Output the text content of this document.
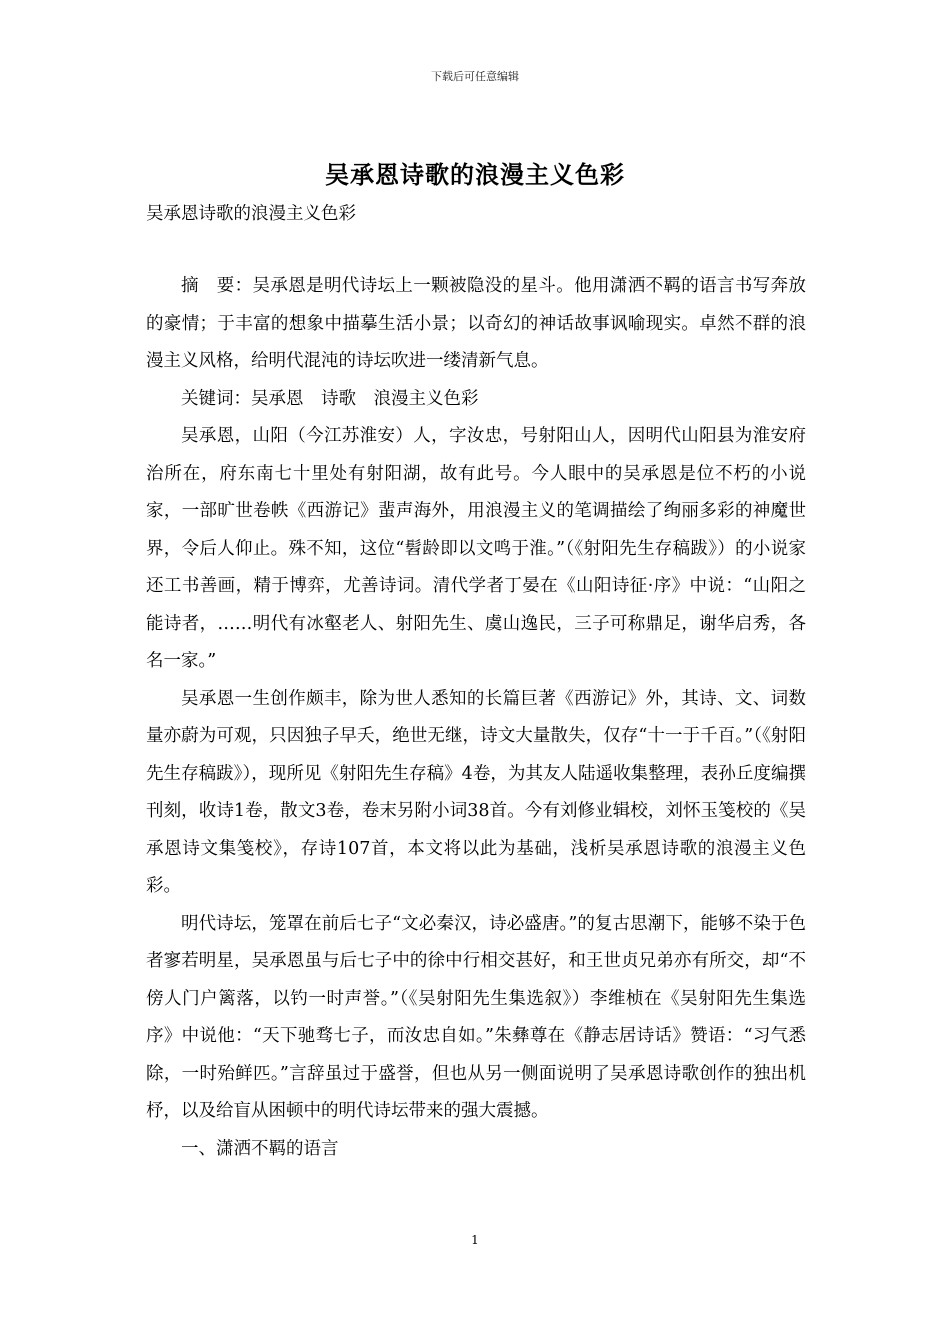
下载后可任意编辑
吴承恩诗歌的浪漫主义色彩
吴承恩诗歌的浪漫主义色彩

摘　要：吴承恩是明代诗坛上一颗被隐没的星斗。他用潇洒不羁的语言书写奔放的豪情；于丰富的想象中描摹生活小景；以奇幻的神话故事讽喻现实。卓然不群的浪漫主义风格，给明代混沌的诗坛吹进一缕清新气息。

关键词：吴承恩　诗歌　浪漫主义色彩

吴承恩，山阳（今江苏淮安）人，字汝忠，号射阳山人，因明代山阳县为淮安府治所在，府东南七十里处有射阳湖，故有此号。今人眼中的吴承恩是位不朽的小说家，一部旷世卷帙《西游记》蜚声海外，用浪漫主义的笔调描绘了绚丽多彩的神魔世界，令后人仰止。殊不知，这位“髫龄即以文鸣于淮。”（《射阳先生存稿跋》）的小说家还工书善画，精于博弈，尤善诗词。清代学者丁晏在《山阳诗征·序》中说：“山阳之能诗者，……明代有冰壑老人、射阳先生、虞山逸民，三子可称鼎足，谢华启秀，各名一家。”

吴承恩一生创作颇丰，除为世人悉知的长篇巨著《西游记》外，其诗、文、词数量亦蔚为可观，只因独子早夭，绝世无继，诗文大量散失，仅存“十一于千百。”（《射阳先生存稿跋》），现所见《射阳先生存稿》4卷，为其友人陆遥收集整理，表孙丘度编撰刊刻，收诗1卷，散文3卷，卷末另附小词38首。今有刘修业辑校，刘怀玉笺校的《吴承恩诗文集笺校》，存诗107首，本文将以此为基础，浅析吴承恩诗歌的浪漫主义色彩。

明代诗坛，笼罩在前后七子“文必秦汉，诗必盛唐。”的复古思潮下，能够不染于色者寥若明星，吴承恩虽与后七子中的徐中行相交甚好，和王世贞兄弟亦有所交，却“不傍人门户篱落，以钓一时声誉。”（《吴射阳先生集选叙》）李维桢在《吴射阳先生集选序》中说他：“天下驰骛七子，而汝忠自如。”朱彝尊在《静志居诗话》赞语：“习气悉除，一时殆鲜匹。”言辞虽过于盛誉，但也从另一侧面说明了吴承恩诗歌创作的独出机杼，以及给盲从困顿中的明代诗坛带来的强大震撼。

一、潇洒不羁的语言

1
